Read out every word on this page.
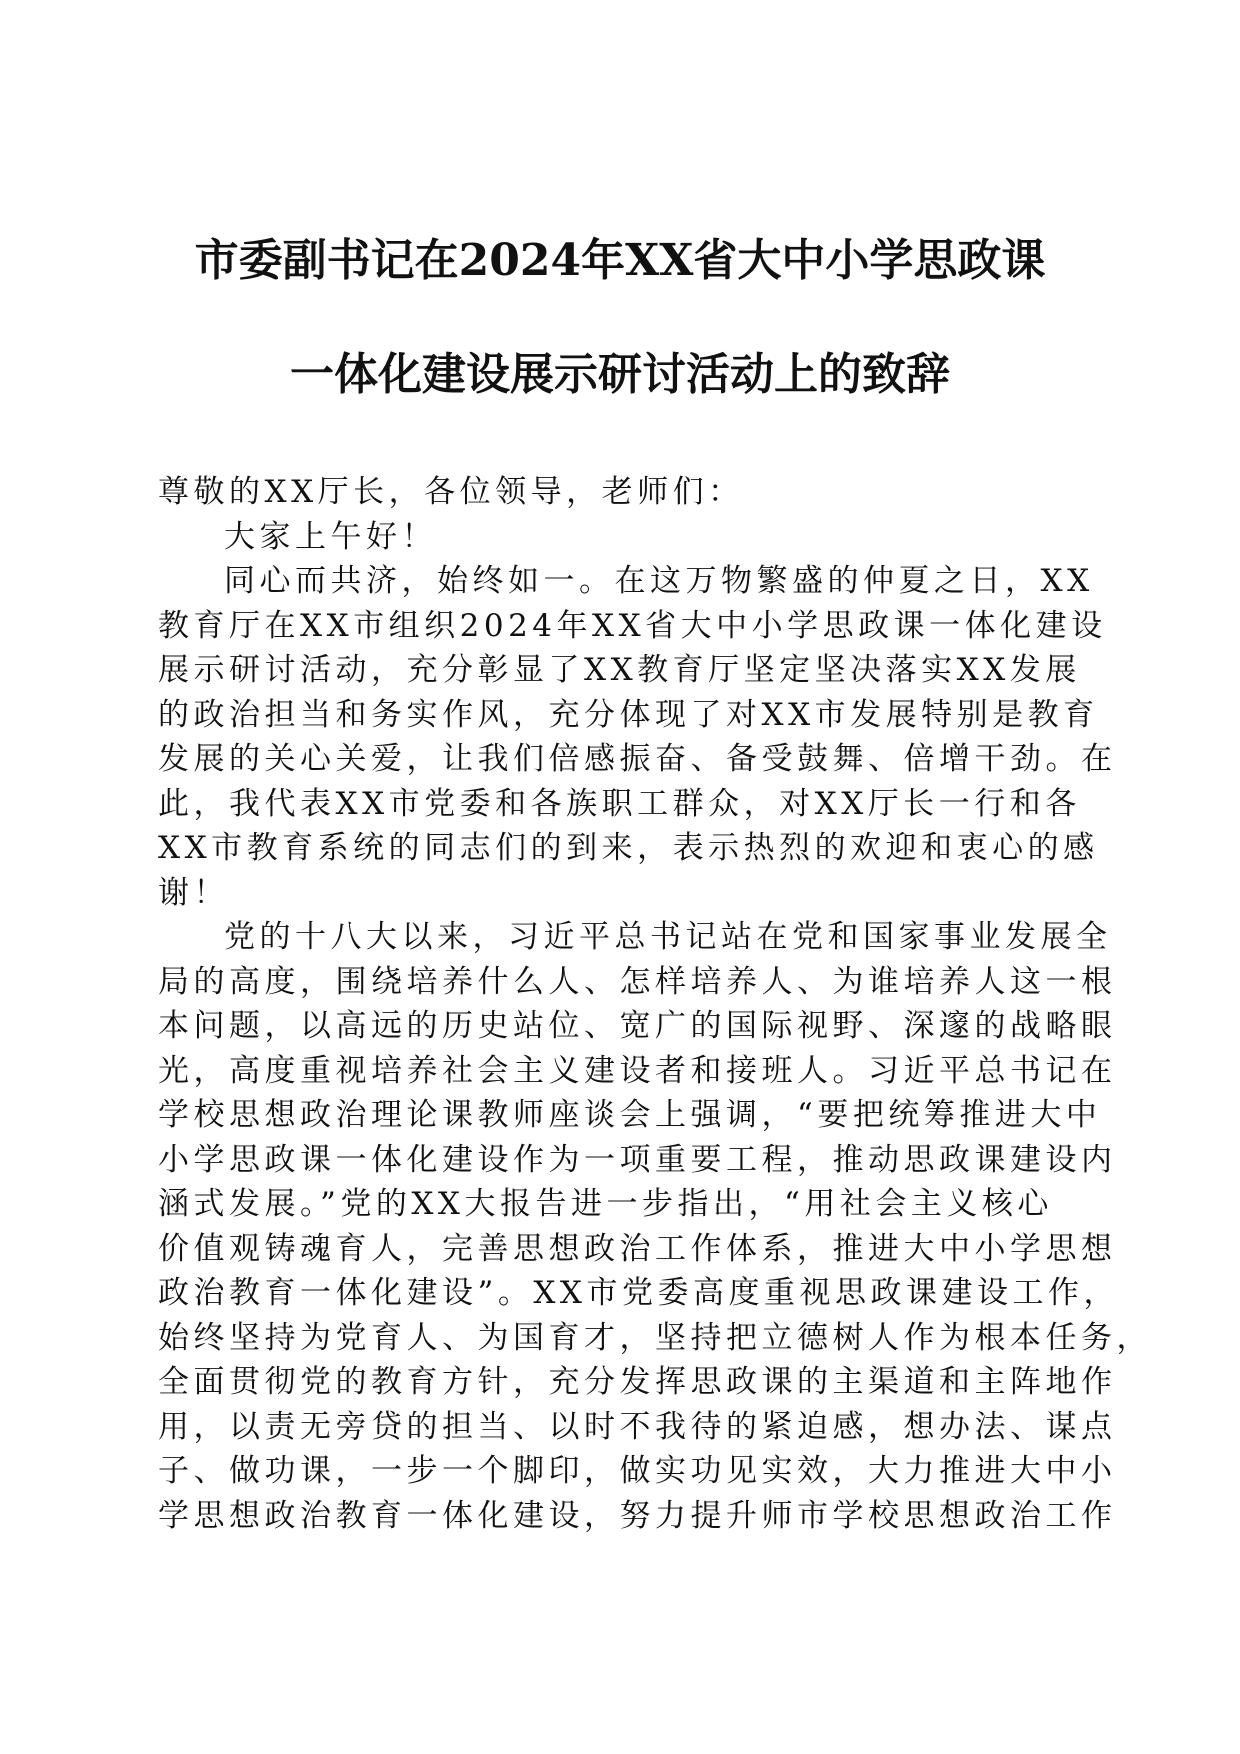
市委副书记在2024年XX省大中小学思政课
一体化建设展示研讨活动上的致辞

尊敬的XX厅长，各位领导，老师们：

大家上午好！

同心而共济，始终如一。在这万物繁盛的仲夏之日，XX

教育厅在XX市组织2024年XX省大中小学思政课一体化建设

展示研讨活动，充分彰显了XX教育厅坚定坚决落实XX发展

的政治担当和务实作风，充分体现了对XX市发展特别是教育

发展的关心关爱，让我们倍感振奋、备受鼓舞、倍增干劲。在

此，我代表XX市党委和各族职工群众，对XX厅长一行和各

XX市教育系统的同志们的到来，表示热烈的欢迎和衷心的感

谢！

党的十八大以来，习近平总书记站在党和国家事业发展全

局的高度，围绕培养什么人、怎样培养人、为谁培养人这一根

本问题，以高远的历史站位、宽广的国际视野、深邃的战略眼

光，高度重视培养社会主义建设者和接班人。习近平总书记在

学校思想政治理论课教师座谈会上强调，“要把统筹推进大中

小学思政课一体化建设作为一项重要工程，推动思政课建设内

涵式发展。”党的XX大报告进一步指出，“用社会主义核心

价值观铸魂育人，完善思想政治工作体系，推进大中小学思想

政治教育一体化建设”。XX市党委高度重视思政课建设工作，

始终坚持为党育人、为国育才，坚持把立德树人作为根本任务，

全面贯彻党的教育方针，充分发挥思政课的主渠道和主阵地作

用，以责无旁贷的担当、以时不我待的紧迫感，想办法、谋点

子、做功课，一步一个脚印，做实功见实效，大力推进大中小

学思想政治教育一体化建设，努力提升师市学校思想政治工作
